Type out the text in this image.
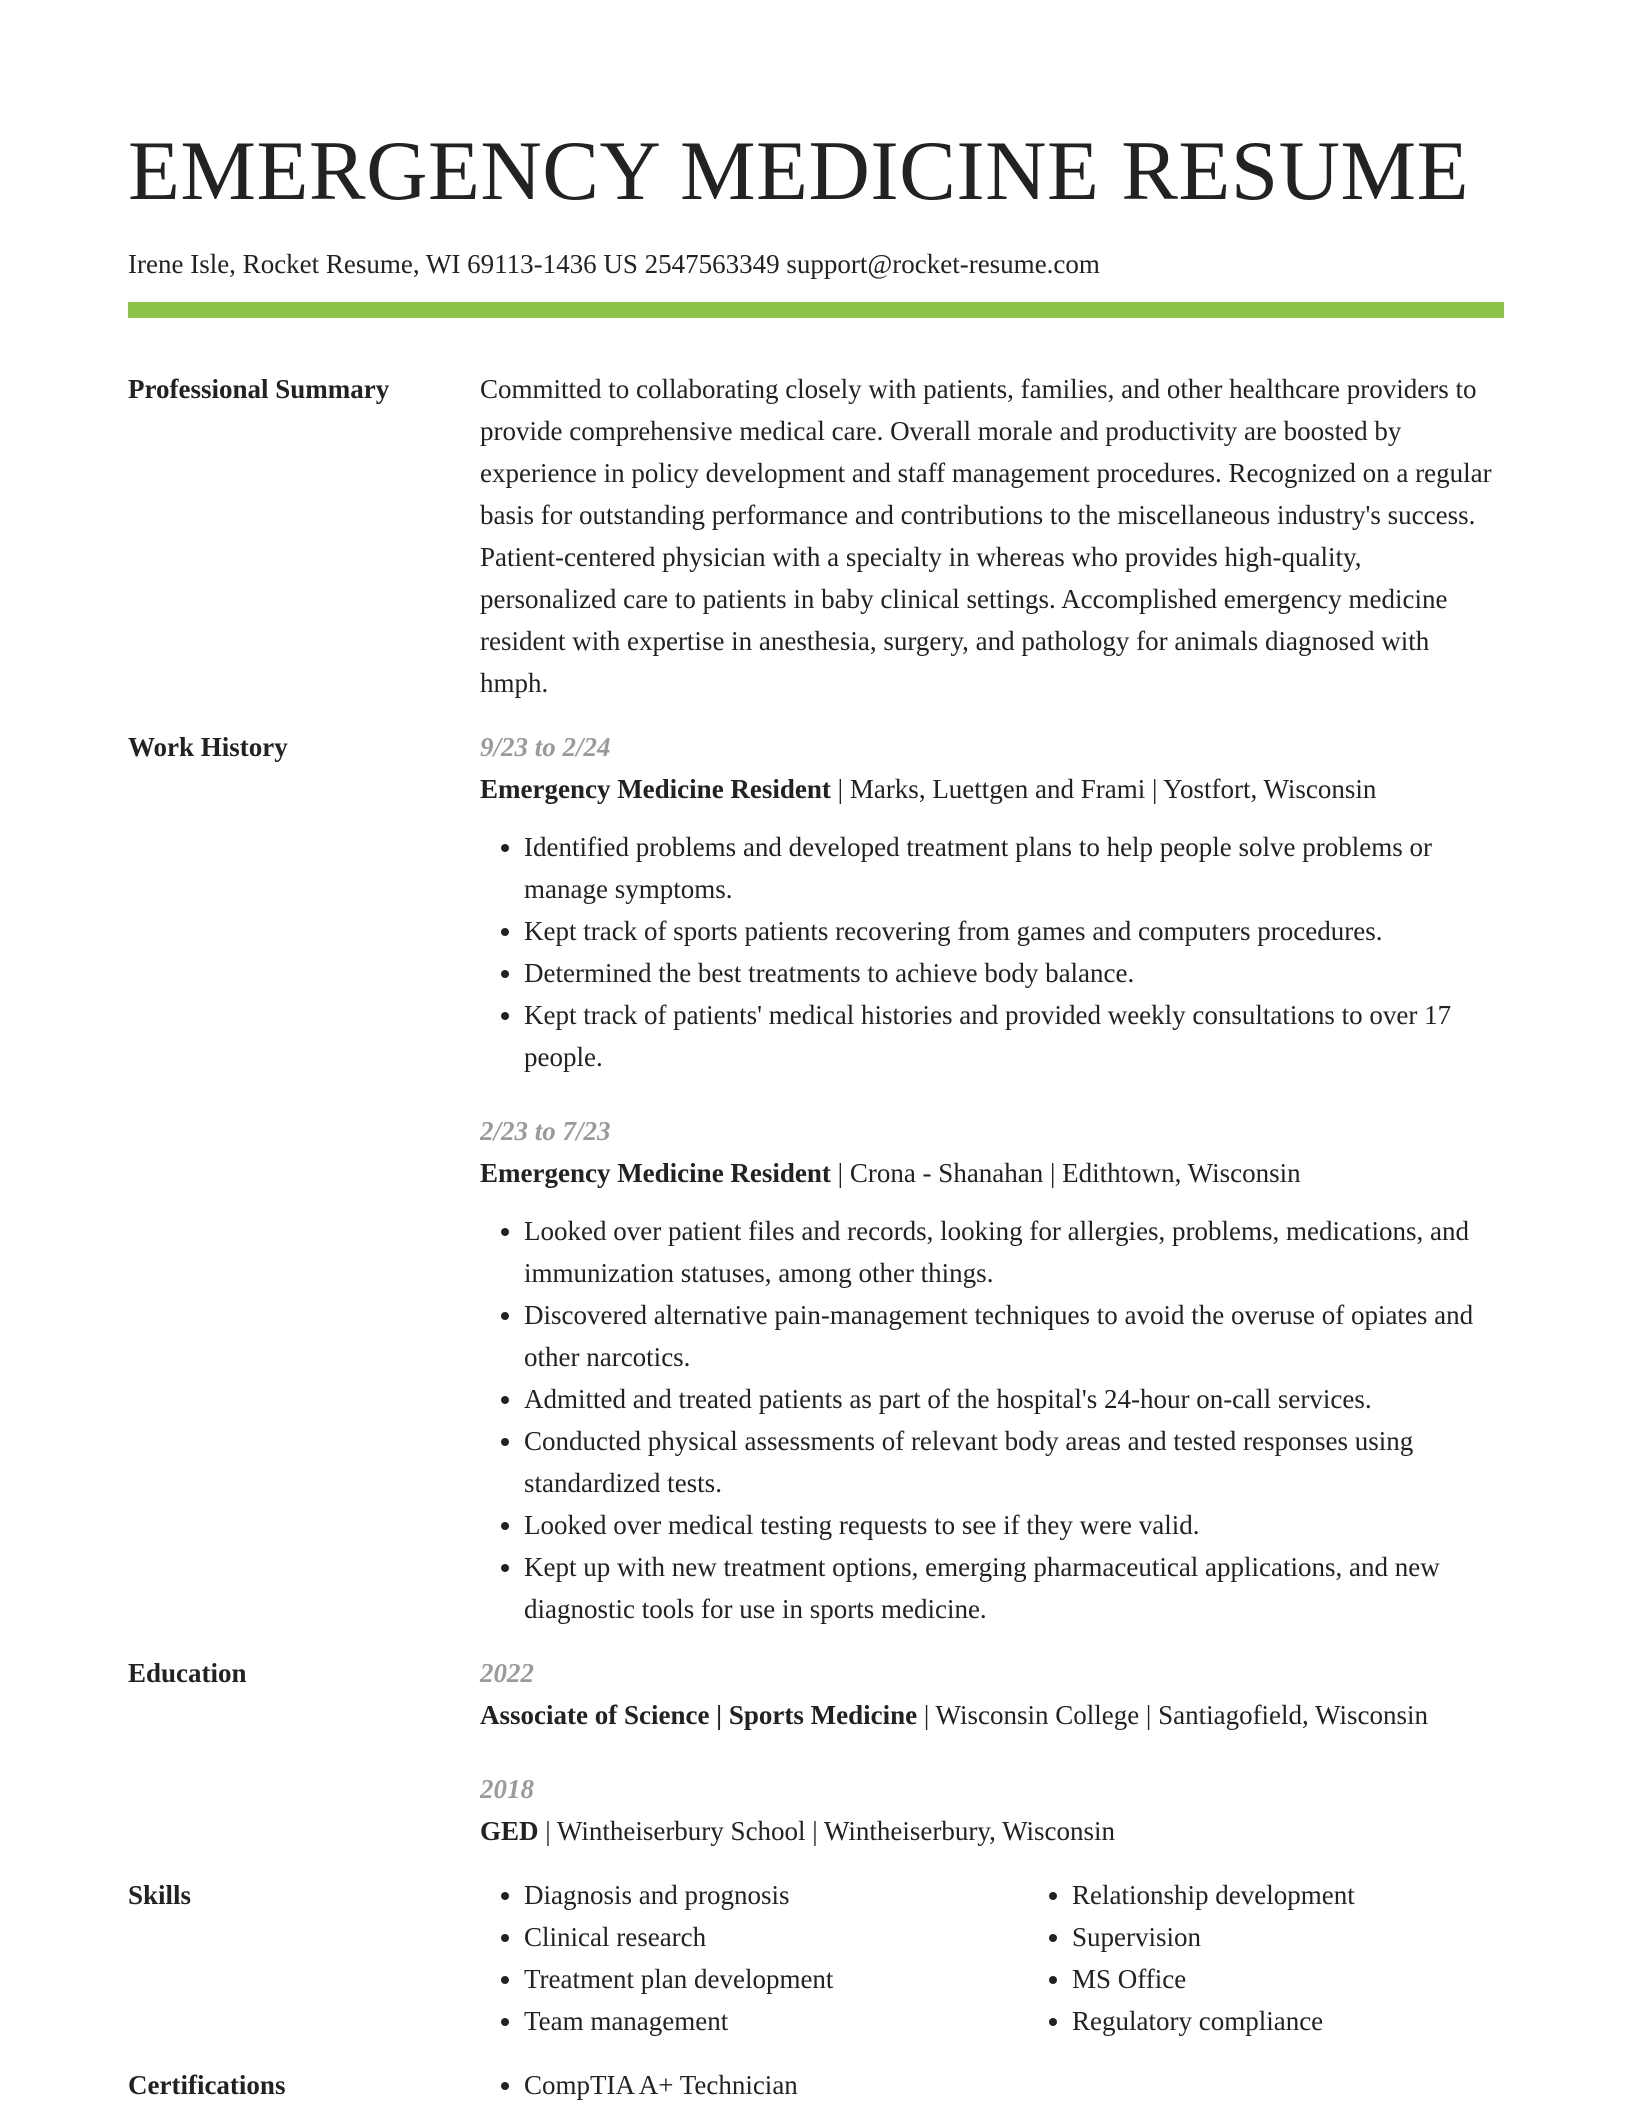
EMERGENCY MEDICINE RESUME
Irene Isle, Rocket Resume, WI 69113-1436 US 2547563349 support@rocket-resume.com
Professional Summary	Committed to collaborating closely with patients, families, and other healthcare providers to provide comprehensive medical care. Overall morale and productivity are boosted by experience in policy development and staff management procedures. Recognized on a regular basis for outstanding performance and contributions to the miscellaneous industry's success. Patient-centered physician with a specialty in whereas who provides high-quality, personalized care to patients in baby clinical settings. Accomplished emergency medicine resident with expertise in anesthesia, surgery, and pathology for animals diagnosed with hmph.

Work History	9/23 to 2/24
Emergency Medicine Resident | Marks, Luettgen and Frami | Yostfort, Wisconsin
• Identified problems and developed treatment plans to help people solve problems or manage symptoms.
• Kept track of sports patients recovering from games and computers procedures.
• Determined the best treatments to achieve body balance.
• Kept track of patients' medical histories and provided weekly consultations to over 17 people.
2/23 to 7/23
Emergency Medicine Resident | Crona - Shanahan | Edithtown, Wisconsin
• Looked over patient files and records, looking for allergies, problems, medications, and immunization statuses, among other things.
• Discovered alternative pain-management techniques to avoid the overuse of opiates and other narcotics.
• Admitted and treated patients as part of the hospital's 24-hour on-call services.
• Conducted physical assessments of relevant body areas and tested responses using standardized tests.
• Looked over medical testing requests to see if they were valid.
• Kept up with new treatment options, emerging pharmaceutical applications, and new diagnostic tools for use in sports medicine.
Education	2022
Associate of Science | Sports Medicine | Wisconsin College | Santiagofield, Wisconsin
2018
GED | Wintheiserbury School | Wintheiserbury, Wisconsin
Skills	• Diagnosis and prognosis
• Clinical research
• Treatment plan development
• Team management
• Relationship development
• Supervision
• MS Office
• Regulatory compliance
Certifications	• CompTIA A+ Technician
